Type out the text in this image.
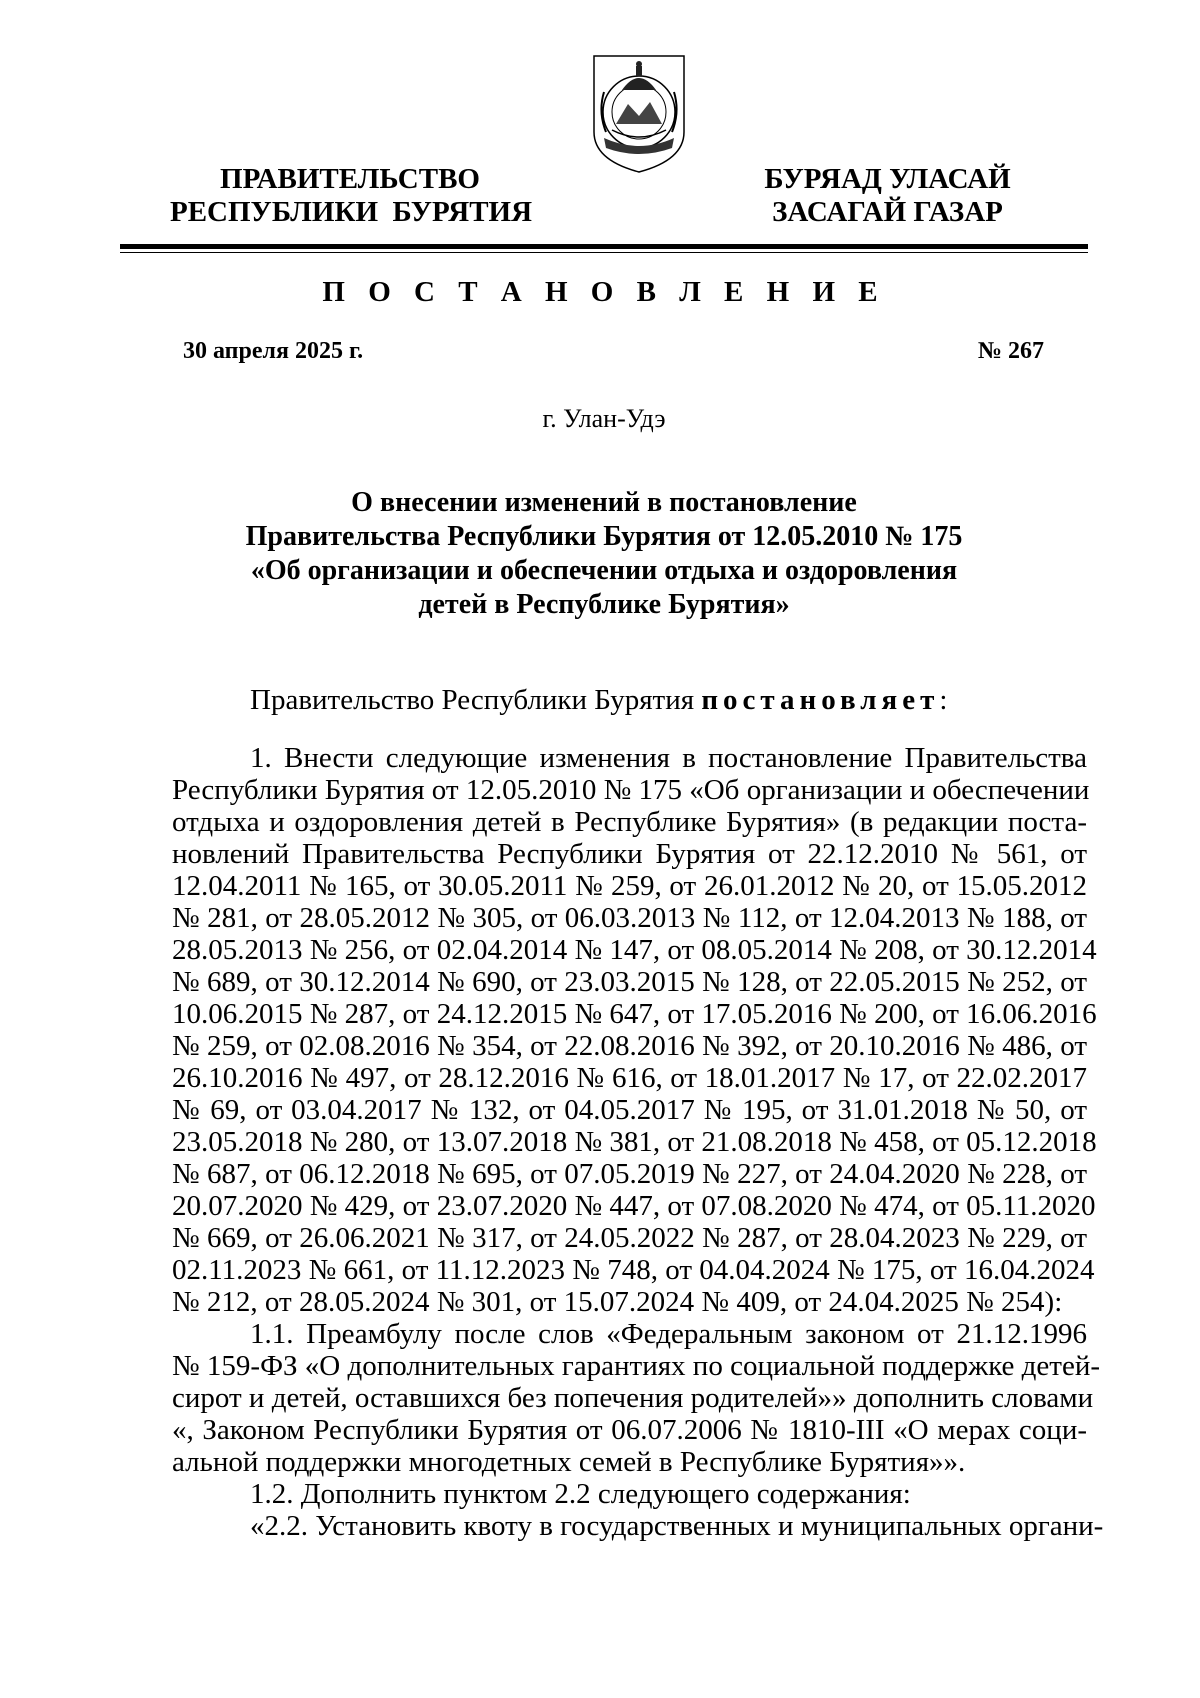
ПРАВИТЕЛЬСТВО
РЕСПУБЛИКИ  БУРЯТИЯ
БУРЯАД УЛАСАЙ
ЗАСАГАЙ ГАЗАР
П О С Т А Н О В Л Е Н И Е
30 апреля 2025 г.	№ 267
г. Улан-Удэ
О внесении изменений в постановление
Правительства Республики Бурятия от 12.05.2010 № 175
«Об организации и обеспечении отдыха и оздоровления
детей в Республике Бурятия»
Правительство Республики Бурятия постановляет:
1. Внести следующие изменения в постановление Правительства
Республики Бурятия от 12.05.2010 № 175 «Об организации и обеспечении
отдыха и оздоровления детей в Республике Бурятия» (в редакции поста-
новлений Правительства Республики Бурятия от 22.12.2010 № 561, от
12.04.2011 № 165, от 30.05.2011 № 259, от 26.01.2012 № 20, от 15.05.2012
№ 281, от 28.05.2012 № 305, от 06.03.2013 № 112, от 12.04.2013 № 188, от
28.05.2013 № 256, от 02.04.2014 № 147, от 08.05.2014 № 208, от 30.12.2014
№ 689, от 30.12.2014 № 690, от 23.03.2015 № 128, от 22.05.2015 № 252, от
10.06.2015 № 287, от 24.12.2015 № 647, от 17.05.2016 № 200, от 16.06.2016
№ 259, от 02.08.2016 № 354, от 22.08.2016 № 392, от 20.10.2016 № 486, от
26.10.2016 № 497, от 28.12.2016 № 616, от 18.01.2017 № 17, от 22.02.2017
№ 69, от 03.04.2017 № 132, от 04.05.2017 № 195, от 31.01.2018 № 50, от
23.05.2018 № 280, от 13.07.2018 № 381, от 21.08.2018 № 458, от 05.12.2018
№ 687, от 06.12.2018 № 695, от 07.05.2019 № 227, от 24.04.2020 № 228, от
20.07.2020 № 429, от 23.07.2020 № 447, от 07.08.2020 № 474, от 05.11.2020
№ 669, от 26.06.2021 № 317, от 24.05.2022 № 287, от 28.04.2023 № 229, от
02.11.2023 № 661, от 11.12.2023 № 748, от 04.04.2024 № 175, от 16.04.2024
№ 212, от 28.05.2024 № 301, от 15.07.2024 № 409, от 24.04.2025 № 254):
1.1. Преамбулу после слов «Федеральным законом от 21.12.1996
№ 159-ФЗ «О дополнительных гарантиях по социальной поддержке детей-
сирот и детей, оставшихся без попечения родителей»» дополнить словами
«, Законом Республики Бурятия от 06.07.2006 № 1810-III «О мерах соци-
альной поддержки многодетных семей в Республике Бурятия»».
1.2. Дополнить пунктом 2.2 следующего содержания:
«2.2. Установить квоту в государственных и муниципальных органи-
